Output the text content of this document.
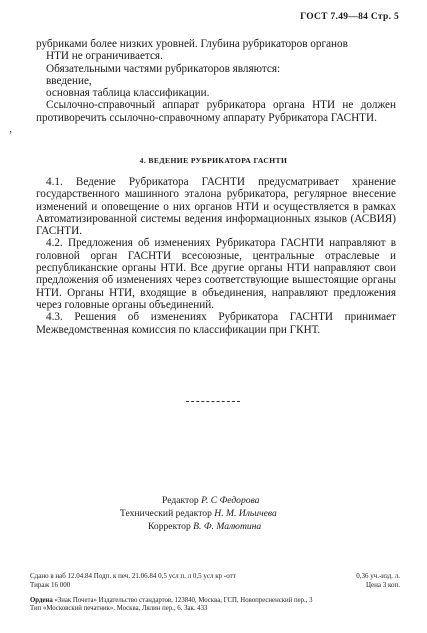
ГОСТ 7.49—84 Стр. 5
‚

рубриками более низких уровней. Глубина рубрикаторов органов

НТИ не ограничивается.

Обязательными частями рубрикаторов являются:

введение,

основная таблица классификации.

Ссылочно-справочный аппарат рубрикатора органа НТИ не должен противоречить ссылочно-справочному аппарату Рубрикатора ГАСНТИ.

4. ВЕДЕНИЕ РУБРИКАТОРА ГАСНТИ

4.1. Ведение Рубрикатора ГАСНТИ предусматривает хранение государственного машинного эталона рубрикатора, регулярное внесение изменений и оповещение о них органов НТИ и осуществляется в рамках Автоматизированной системы ведения информационных языков (АСВИЯ) ГАСНТИ.

4.2. Предложения об изменениях Рубрикатора ГАСНТИ направляют в головной орган ГАСНТИ всесоюзные, центральные отраслевые и республиканские органы НТИ. Все другие органы НТИ направляют свои предложения об изменениях через соответствующие вышестоящие органы НТИ. Органы НТИ, входящие в объединения, направляют предложения через головные органы объединений.

4.3. Решения об изменениях Рубрикатора ГАСНТИ принимает Межведомственная комиссия по классификации при ГКНТ.

Редактор Р. С Федорова
Технический редактор Н. М. Ильичева
Корректор В. Ф. Малютина
Сдано в наб 12.04.84 Подп. к печ. 21.06.84 0,5 усл п. л 0,5 усл кр -отт	0,36 уч.-изд. л.
Тираж 16 000	Цена 3 коп.
Ордена «Знак Почета» Издательство стандартов, 123840, Москва, ГСП, Новопресненский пер., 3
Тип «Московский печатник». Москва, Лялин пер., 6. Зак. 433
